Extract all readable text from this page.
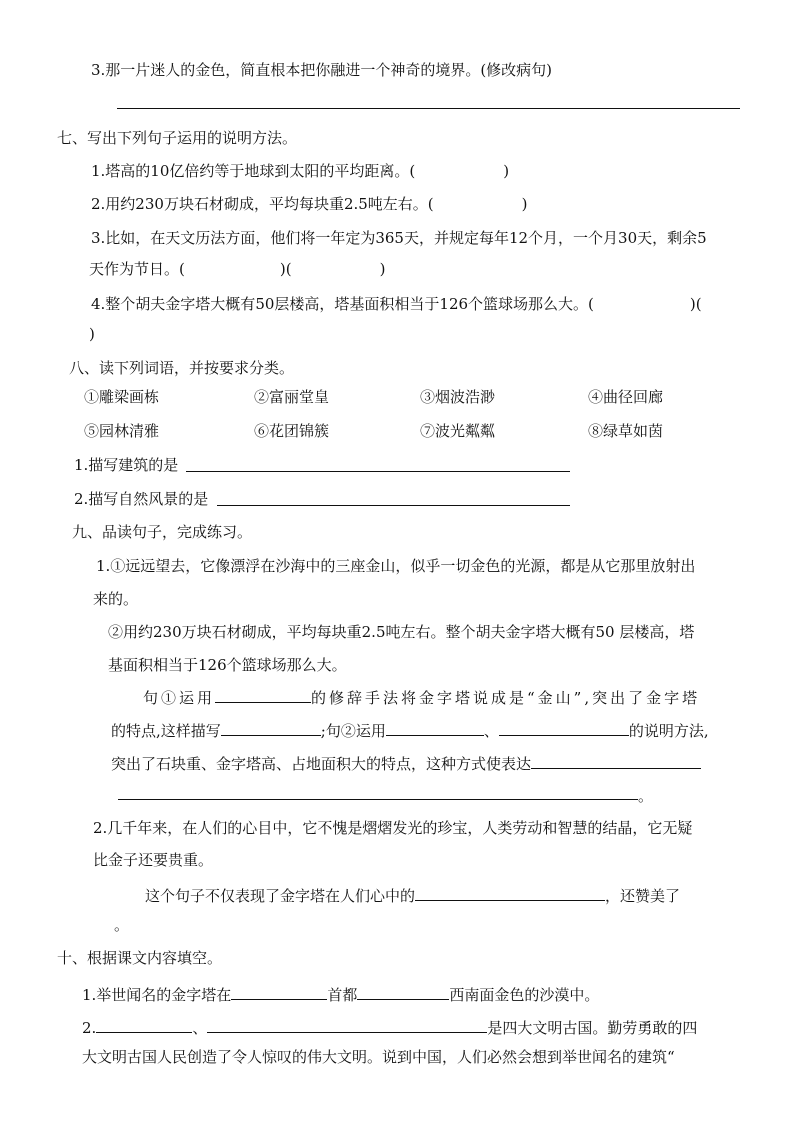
3.那一片迷人的金色，简直根本把你融进一个神奇的境界。(修改病句)
七、写出下列句子运用的说明方法。
1.塔高的10亿倍约等于地球到太阳的平均距离。(	)
2.用约230万块石材砌成，平均每块重2.5吨左右。(	)
3.比如，在天文历法方面，他们将一年定为365天，并规定每年12个月，一个月30天，剩余5
天作为节日。(	)(	)
4.整个胡夫金字塔大概有50层楼高，塔基面积相当于126个篮球场那么大。(	)(
)
八、读下列词语，并按要求分类。
①雕梁画栋	②富丽堂皇	③烟波浩渺	④曲径回廊
⑤园林清雅	⑥花团锦簇	⑦波光粼粼	⑧绿草如茵
1.描写建筑的是
2.描写自然风景的是
九、品读句子，完成练习。
1.①远远望去，它像漂浮在沙海中的三座金山，似乎一切金色的光源，都是从它那里放射出
来的。
②用约230万块石材砌成，平均每块重2.5吨左右。整个胡夫金字塔大概有50 层楼高，塔
基面积相当于126个篮球场那么大。
句①运用	的修辞手法将金字塔说成是“金山”,突出了金字塔
的特点,这样描写	;句②运用	、	的说明方法,
突出了石块重、金字塔高、占地面积大的特点，这种方式使表达
。
2.几千年来，在人们的心目中，它不愧是熠熠发光的珍宝，人类劳动和智慧的结晶，它无疑
比金子还要贵重。
这个句子不仅表现了金字塔在人们心中的	，还赞美了
。
十、根据课文内容填空。
1.举世闻名的金字塔在	首都	西南面金色的沙漠中。
2.	、	是四大文明古国。勤劳勇敢的四
大文明古国人民创造了令人惊叹的伟大文明。说到中国，人们必然会想到举世闻名的建筑“
